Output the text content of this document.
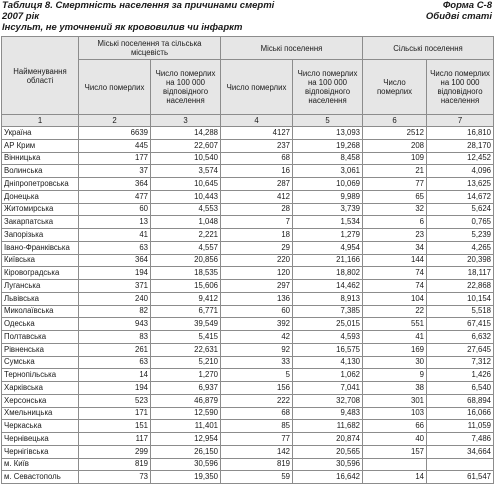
Таблиця 8. Смертність населення за причинами смерті
2007 рік
Інсульт, не уточнений як крововилив чи інфаркт
Форма С-8
Обидві статі
Найменування області	Міські поселення та сільська місцевість		Міські поселення		Сільські поселення	
	Число померлих	Число померлих на 100 000 відповідного населення	Число померлих	Число померлих на 100 000 відповідного населення	Число померлих	Число померлих на 100 000 відповідного населення
1	2	3	4	5	6	7
Україна	6639	14,288	4127	13,093	2512	16,810
АР Крим	445	22,607	237	19,268	208	28,170
Вінницька	177	10,540	68	8,458	109	12,452
Волинська	37	3,574	16	3,061	21	4,096
Дніпропетровська	364	10,645	287	10,069	77	13,625
Донецька	477	10,443	412	9,989	65	14,672
Житомирська	60	4,553	28	3,739	32	5,624
Закарпатська	13	1,048	7	1,534	6	0,765
Запорізька	41	2,221	18	1,279	23	5,239
Івано-Франківська	63	4,557	29	4,954	34	4,265
Київська	364	20,856	220	21,166	144	20,398
Кіровоградська	194	18,535	120	18,802	74	18,117
Луганська	371	15,606	297	14,462	74	22,868
Львівська	240	9,412	136	8,913	104	10,154
Миколаївська	82	6,771	60	7,385	22	5,518
Одеська	943	39,549	392	25,015	551	67,415
Полтавська	83	5,415	42	4,593	41	6,632
Рівненська	261	22,631	92	16,575	169	27,645
Сумська	63	5,210	33	4,130	30	7,312
Тернопільська	14	1,270	5	1,062	9	1,426
Харківська	194	6,937	156	7,041	38	6,540
Херсонська	523	46,879	222	32,708	301	68,894
Хмельницька	171	12,590	68	9,483	103	16,066
Черкаська	151	11,401	85	11,682	66	11,059
Чернівецька	117	12,954	77	20,874	40	7,486
Чернігівська	299	26,150	142	20,565	157	34,664
м. Київ	819	30,596	819	30,596		
м. Севастополь	73	19,350	59	16,642	14	61,547
